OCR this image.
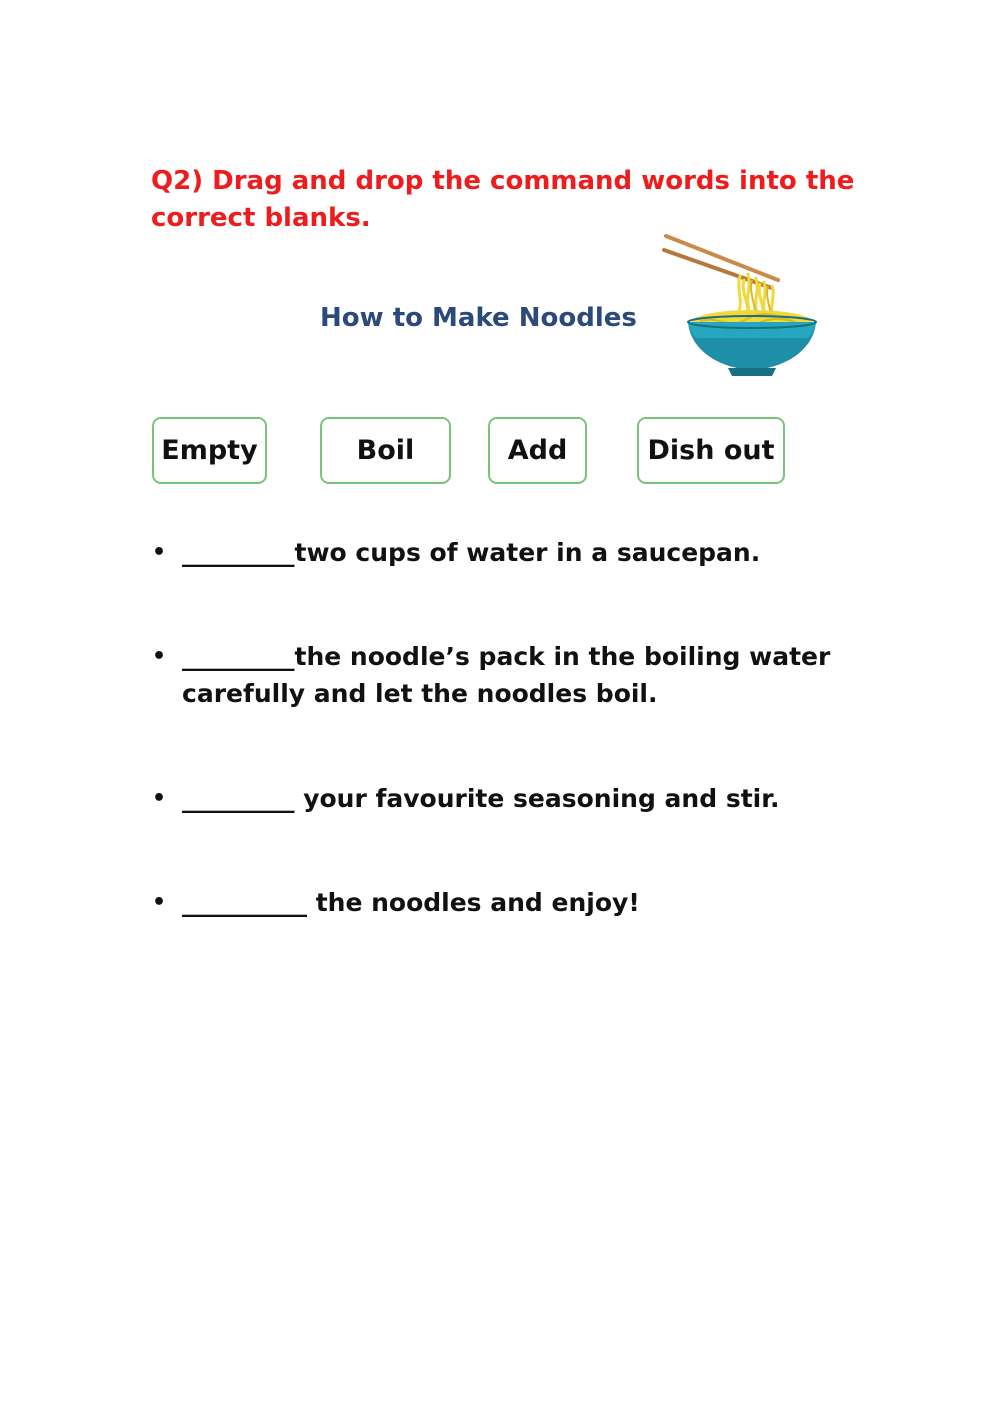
Q2) Drag and drop the command words into the correct blanks.

How to Make Noodles

Empty	Boil	Add	Dish out
• _________two cups of water in a saucepan.
• _________the noodle’s pack in the boiling water carefully and let the noodles boil.
• _________ your favourite seasoning and stir.
• __________ the noodles and enjoy!
